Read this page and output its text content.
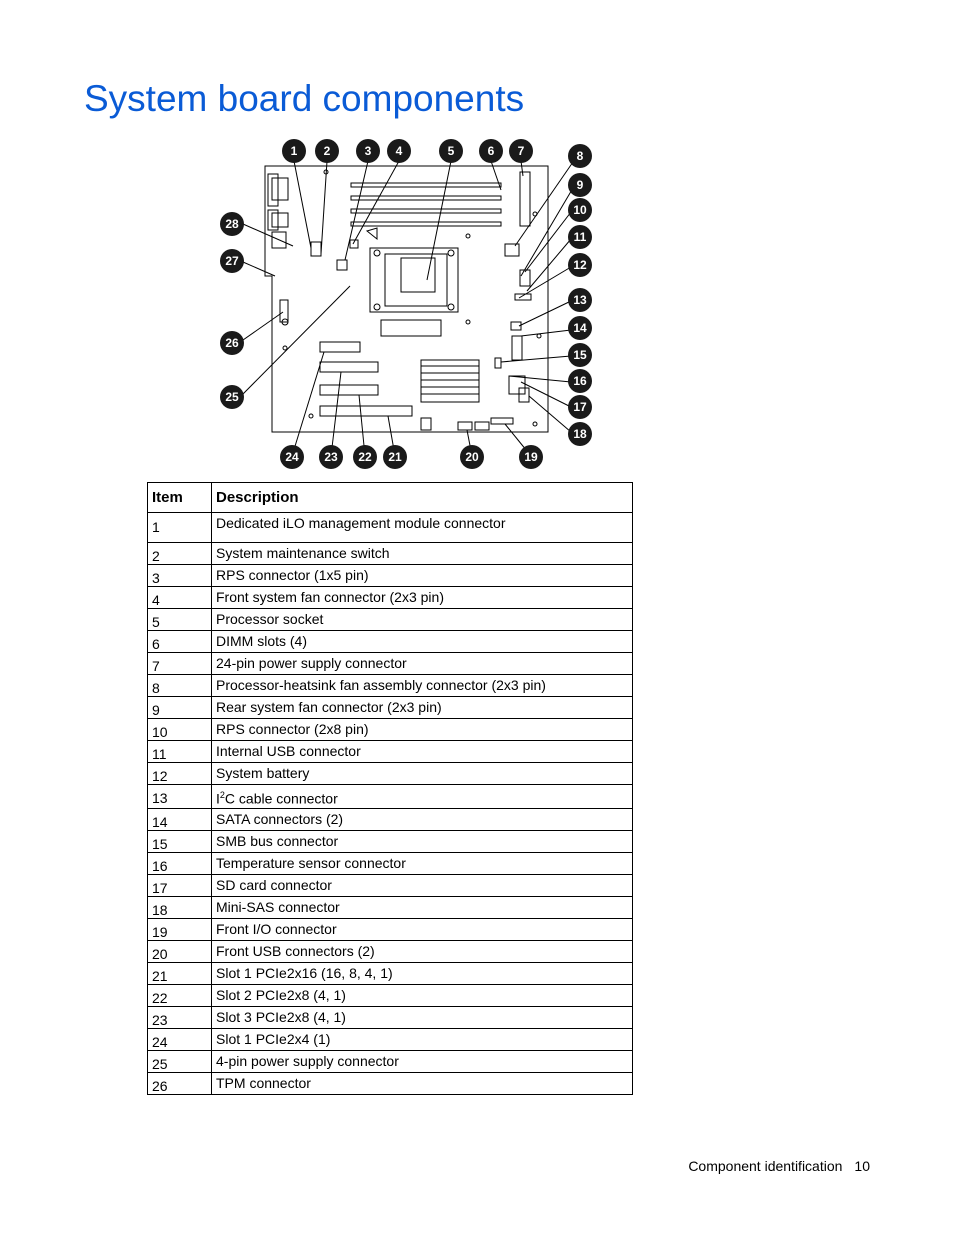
System board components
1 2	3 4	5	6 7	8
9
10
11
12
13
14
15
16
17
18
19
20
21
22
23
24
25
26
27
28
Item	Description
1	Dedicated iLO management module connector
2	System maintenance switch
3	RPS connector (1x5 pin)
4	Front system fan connector (2x3 pin)
5	Processor socket
6	DIMM slots (4)
7	24-pin power supply connector
8	Processor-heatsink fan assembly connector (2x3 pin)
9	Rear system fan connector (2x3 pin)
10	RPS connector (2x8 pin)
11	Internal USB connector
12	System battery
13	$I^2C$ cable connector
14	SATA connectors (2)
15	SMB bus connector
16	Temperature sensor connector
17	SD card connector
18	Mini-SAS connector
19	Front I/O connector
20	Front USB connectors (2)
21	Slot 1 PCIe2x16 (16, 8, 4, 1)
22	Slot 2 PCIe2x8 (4, 1)
23	Slot 3 PCIe2x8 (4, 1)
24	Slot 1 PCIe2x4 (1)
25	4-pin power supply connector
26	TPM connector
Component identification 10
